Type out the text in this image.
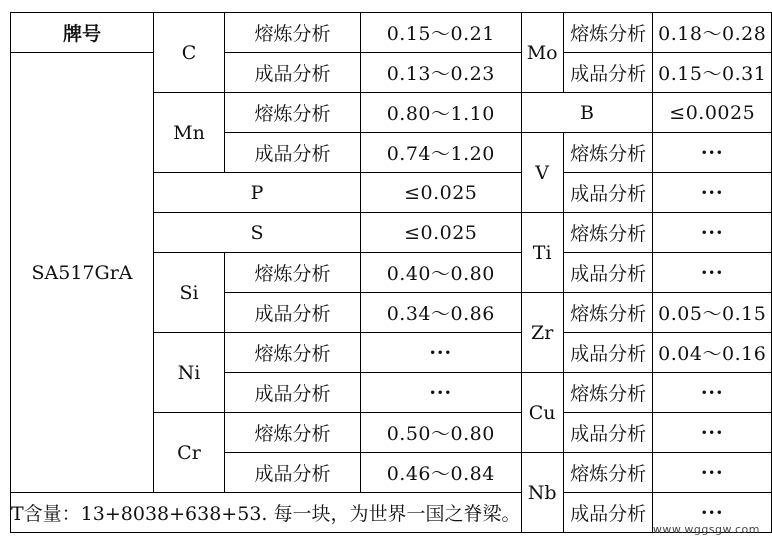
牌号	C	熔炼分析	0.15～0.21	Mo	熔炼分析	0.18～0.28
SA517GrA		成品分析	0.13～0.23		成品分析	0.15～0.31
	Mn	熔炼分析	0.80～1.10	B		≤0.0025
		成品分析	0.74～1.20	V	熔炼分析	···
	P		≤0.025		成品分析	···
	S		≤0.025	Ti	熔炼分析	···
	Si	熔炼分析	0.40～0.80		成品分析	···
		成品分析	0.34～0.86	Zr	熔炼分析	0.05～0.15
	Ni	熔炼分析	···		成品分析	0.04～0.16
		成品分析	···	Cu	熔炼分析	···
	Cr	熔炼分析	0.50～0.80		成品分析	···
		成品分析	0.46～0.84	Nb	熔炼分析	···
T含量：13+8038+638+53. 每一块，为世界一国之脊梁。					成品分析	···
www.wggsgw.com
